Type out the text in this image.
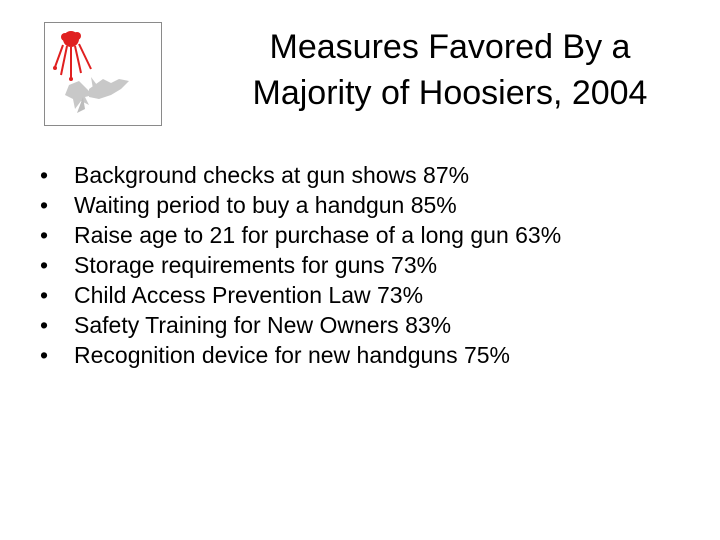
Measures Favored By a
Majority of Hoosiers, 2004
•	Background checks at gun shows 87%
•	Waiting period to buy a handgun 85%
•	Raise age to 21 for purchase of a long gun 63%
•	Storage requirements for guns 73%
•	Child Access Prevention Law 73%
•	Safety Training for New Owners 83%
•	Recognition device for new handguns 75%
